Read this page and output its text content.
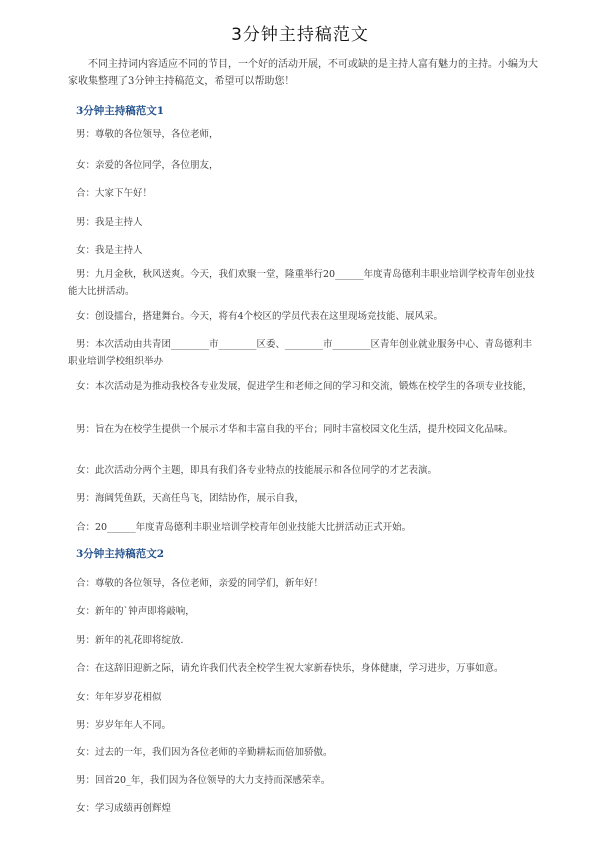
3分钟主持稿范文
不同主持词内容适应不同的节目，一个好的活动开展，不可或缺的是主持人富有魅力的主持。小编为大家收集整理了3分钟主持稿范文，希望可以帮助您！
3分钟主持稿范文1
男：尊敬的各位领导，各位老师，
女：亲爱的各位同学，各位朋友，
合：大家下午好！
男：我是主持人
女：我是主持人
男：九月金秋，秋风送爽。今天，我们欢聚一堂，隆重举行20______年度青岛德利丰职业培训学校青年创业技能大比拼活动。
女：创设擂台，搭建舞台。今天，将有4个校区的学员代表在这里现场竞技能、展风采。
男：本次活动由共青团________市________区委、________市________区青年创业就业服务中心、青岛德利丰职业培训学校组织举办
女：本次活动是为推动我校各专业发展，促进学生和老师之间的学习和交流，锻炼在校学生的各项专业技能，
男：旨在为在校学生提供一个展示才华和丰富自我的平台；同时丰富校园文化生活，提升校园文化品味。
女：此次活动分两个主题，即具有我们各专业特点的技能展示和各位同学的才艺表演。
男：海阔凭鱼跃，天高任鸟飞，团结协作，展示自我，
合：20______年度青岛德利丰职业培训学校青年创业技能大比拼活动正式开始。
3分钟主持稿范文2
合：尊敬的各位领导，各位老师，亲爱的同学们，新年好！
女：新年的`钟声即将敲响，
男：新年的礼花即将绽放．
合：在这辞旧迎新之际，请允许我们代表全校学生祝大家新春快乐，身体健康，学习进步，万事如意。
女：年年岁岁花相似
男：岁岁年年人不同。
女：过去的一年，我们因为各位老师的辛勤耕耘而倍加骄傲。
男：回首20_年，我们因为各位领导的大力支持而深感荣幸。
女：学习成绩再创辉煌
